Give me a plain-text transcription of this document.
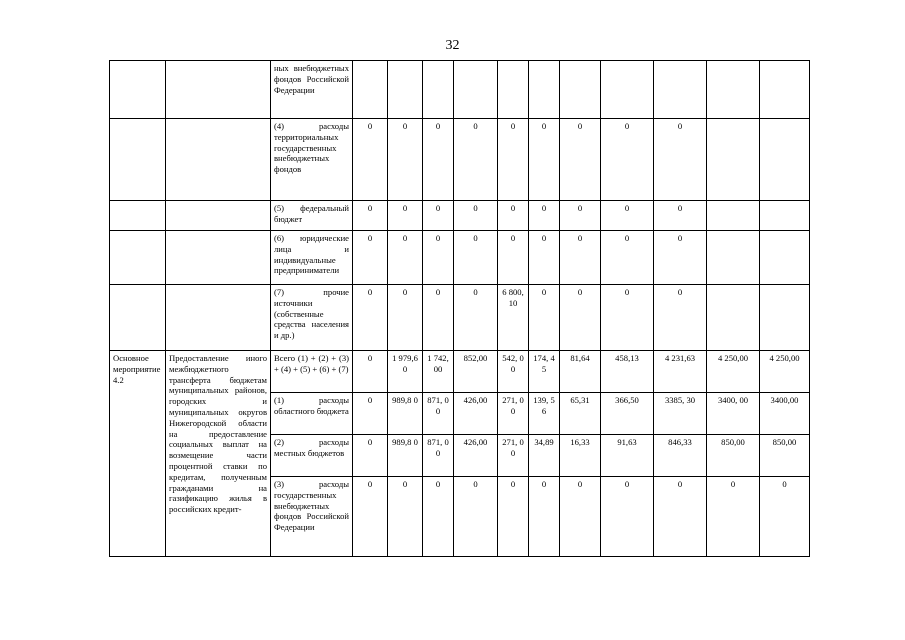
32
		ных внебюджетных фондов Российской Федерации											
		(4) расходы территориальных государственных внебюджетных фондов	0	0	0	0	0	0	0	0	0		
		(5) федеральный бюджет	0	0	0	0	0	0	0	0	0		
		(6) юридические лица и индивидуальные предприниматели	0	0	0	0	0	0	0	0	0		
		(7) прочие источники (собственные средства населения и др.)	0	0	0	0	6 800, 10	0	0	0	0		
Основное мероприятие 4.2	Предоставление иного межбюджетного трансферта бюджетам муниципальных районов, городских и муниципальных округов Нижегородской области на предоставление социальных выплат на возмещение части процентной ставки по кредитам, полученным гражданами на газификацию жилья в российских кредит-	Всего (1) + (2) + (3) + (4) + (5) + (6) + (7)	0	1 979,6 0	1 742, 00	852,00	542, 00	174, 45	81,64	458,13	4 231,63	4 250,00	4 250,00
		(1) расходы областного бюджета	0	989,8 0	871, 00	426,00	271, 00	139, 56	65,31	366,50	3385, 30	3400, 00	3400,00
		(2) расходы местных бюджетов	0	989,8 0	871, 00	426,00	271, 00	34,89	16,33	91,63	846,33	850,00	850,00
		(3) расходы государственных внебюджетных фондов Российской Федерации	0	0	0	0	0	0	0	0	0	0	0
